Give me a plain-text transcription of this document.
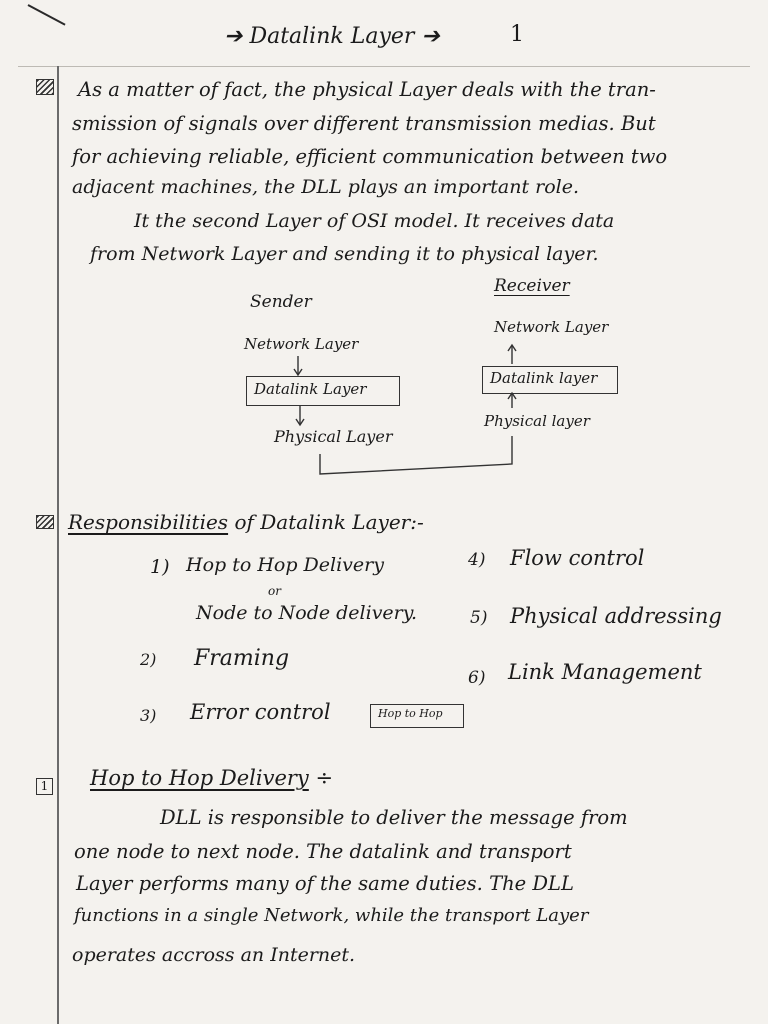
➔ Datalink Layer ➔	1
As a matter of fact, the physical Layer deals with the tran-
smission of signals over different transmission medias. But
for achieving reliable, efficient communication between two
adjacent machines, the DLL plays an important role.
It the second Layer of OSI model. It receives data
from Network Layer and sending it to physical layer.
Sender
Receiver
Network Layer
Datalink Layer
Physical Layer
Network Layer
Datalink layer
Physical layer
Responsibilities of Datalink Layer:-
1) Hop to Hop Delivery
or
Node to Node delivery.
2) Framing
3) Error control	Hop to Hop
4) Flow control
5) Physical addressing
6) Link Management
1 Hop to Hop Delivery ÷
DLL is responsible to deliver the message from
one node to next node. The datalink and transport
Layer performs many of the same duties. The DLL
functions in a single Network, while the transport Layer
operates accross an Internet.
